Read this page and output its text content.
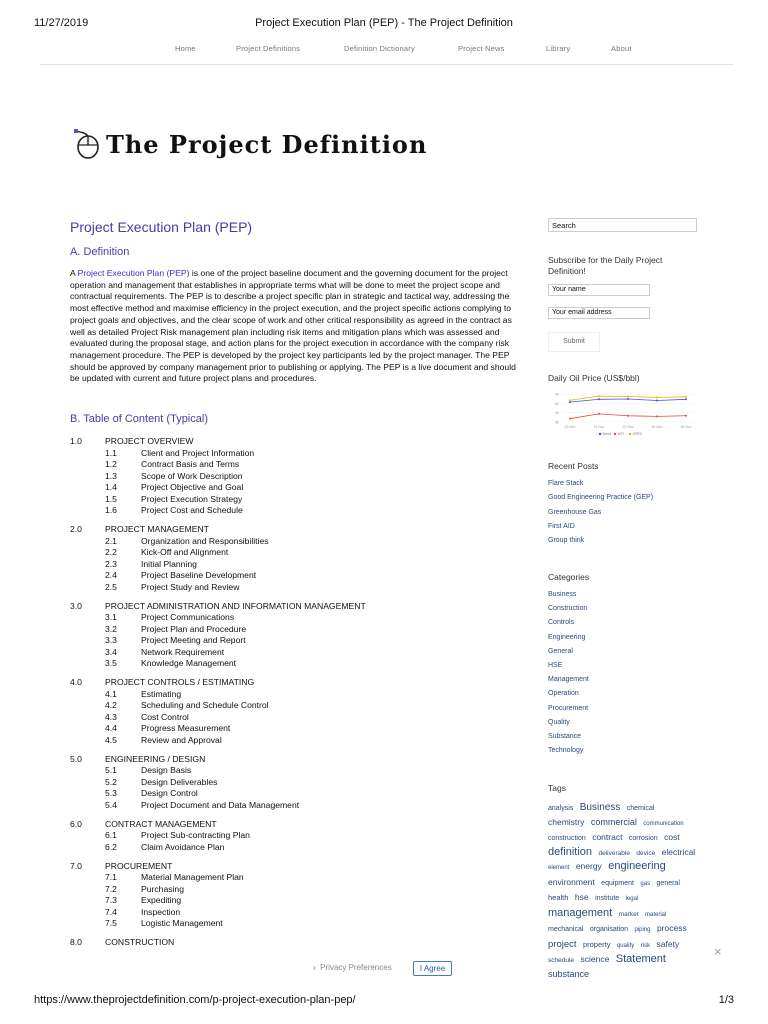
11/27/2019	Project Execution Plan (PEP) - The Project Definition
Home	Project Definitions	Definition Dictionary	Project News	Library	About
The Project Definition
Project Execution Plan (PEP)
A. Definition
A Project Execution Plan (PEP) is one of the project baseline document and the governing document for the project operation and management that establishes in appropriate terms what will be done to meet the project scope and contractual requirements. The PEP is to describe a project specific plan in strategic and tactical way, addressing the most effective method and maximise efficiency in the project execution, and the project specific actions complying to project goals and objectives, and the clear scope of work and other critical responsibility as agreed in the contract as well as detailed Project Risk management plan including risk items and mitigation plans which was assessed and evaluated during the proposal stage, and action plans for the project execution in accordance with the company risk management procedure. The PEP is developed by the project key participants led by the project manager. The PEP should be approved by company management prior to publishing or applying. The PEP is a live document and should be updated with current and future project plans and procedures.
B. Table of Content (Typical)
Search
Subscribe for the Daily Project Definition!
Your name
Your email address
Submit
Daily Oil Price (US$/bbl)
56
59
62
65
20 Nov	21 Nov	22 Nov	25 Nov	26 Nov
Brent WTI OPEC
Recent Posts
Flare Stack
Good Engineering Practice (GEP)
Greenhouse Gas
First AID
Group think
Categories
Business
Construction
Controls
Engineering
General
HSE
Management
Operation
Procurement
Quality
Substance
Technology
Tags
analysis Business chemical chemistry commercial communication construction contract corrosion cost definition deliverable device electrical element energy engineering environment equipment gas general health hse institute legal management market material mechanical organisation piping process project property quality risk safety schedule science Statement substance
› Privacy Preferences	I Agree
×
https://www.theprojectdefinition.com/p-project-execution-plan-pep/	1/3
1.0	PROJECT OVERVIEW
1.1	Client and Project Information
1.2	Contract Basis and Terms
1.3	Scope of Work Description
1.4	Project Objective and Goal
1.5	Project Execution Strategy
1.6	Project Cost and Schedule
2.0	PROJECT MANAGEMENT
2.1	Organization and Responsibilities
2.2	Kick-Off and Alignment
2.3	Initial Planning
2.4	Project Baseline Development
2.5	Project Study and Review
3.0	PROJECT ADMINISTRATION AND INFORMATION MANAGEMENT
3.1	Project Communications
3.2	Project Plan and Procedure
3.3	Project Meeting and Report
3.4	Network Requirement
3.5	Knowledge Management
4.0	PROJECT CONTROLS / ESTIMATING
4.1	Estimating
4.2	Scheduling and Schedule Control
4.3	Cost Control
4.4	Progress Measurement
4.5	Review and Approval
5.0	ENGINEERING / DESIGN
5.1	Design Basis
5.2	Design Deliverables
5.3	Design Control
5.4	Project Document and Data Management
6.0	CONTRACT MANAGEMENT
6.1	Project Sub-contracting Plan
6.2	Claim Avoidance Plan
7.0	PROCUREMENT
7.1	Material Management Plan
7.2	Purchasing
7.3	Expediting
7.4	Inspection
7.5	Logistic Management
8.0	CONSTRUCTION
